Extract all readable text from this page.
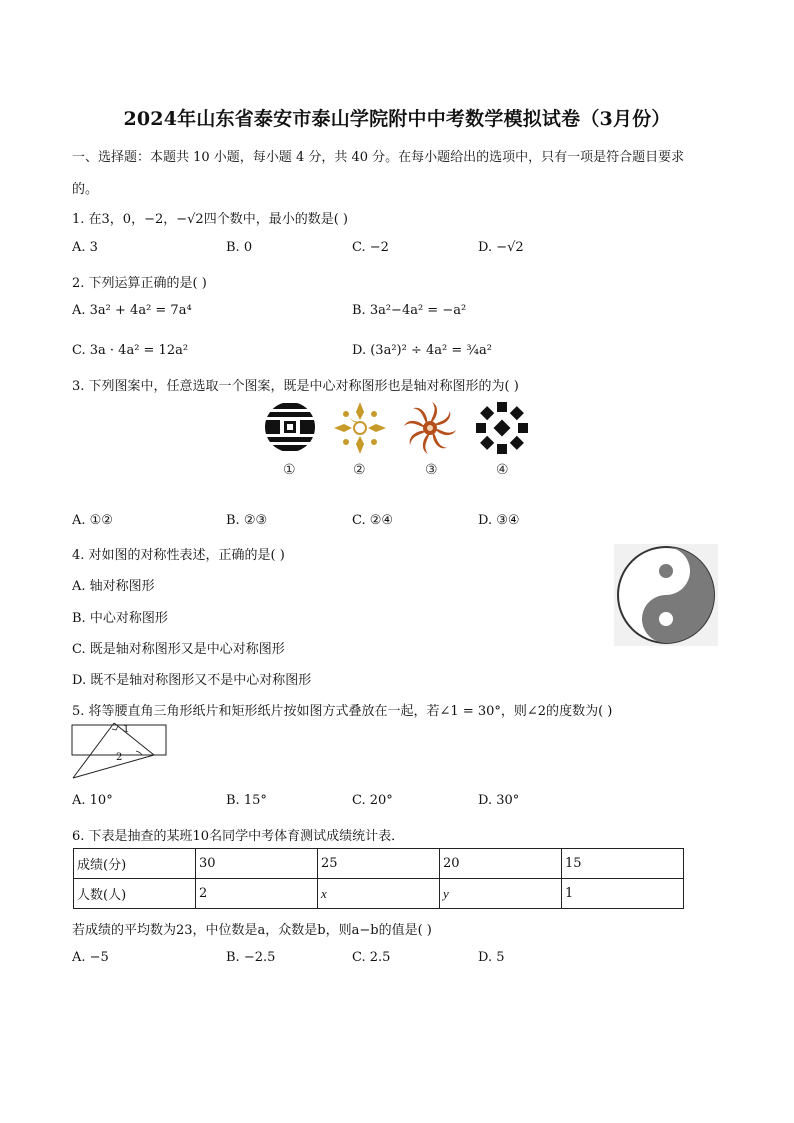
2024年山东省泰安市泰山学院附中中考数学模拟试卷（3月份）
一、选择题：本题共 10 小题，每小题 4 分，共 40 分。在每小题给出的选项中，只有一项是符合题目要求
的。
1. 在3，0，−2，−√2四个数中，最小的数是( )
A. 3	B. 0	C. −2	D. −√2
2. 下列运算正确的是( )
A. 3a² + 4a² = 7a⁴	B. 3a²−4a² = −a²
C. 3a · 4a² = 12a²	D. (3a²)² ÷ 4a² = ¾a²
3. 下列图案中，任意选取一个图案，既是中心对称图形也是轴对称图形的为( )
①	②	③	④
A. ①②	B. ②③	C. ②④	D. ③④
4. 对如图的对称性表述，正确的是( )
A. 轴对称图形
B. 中心对称图形
C. 既是轴对称图形又是中心对称图形
D. 既不是轴对称图形又不是中心对称图形
5. 将等腰直角三角形纸片和矩形纸片按如图方式叠放在一起，若∠1 = 30°，则∠2的度数为( )
1
2
A. 10°	B. 15°	C. 20°	D. 30°
6. 下表是抽查的某班10名同学中考体育测试成绩统计表．
成绩(分)	30	25	20	15
人数(人)	2	x	y	1
若成绩的平均数为23，中位数是a，众数是b，则a−b的值是( )
A. −5	B. −2.5	C. 2.5	D. 5
